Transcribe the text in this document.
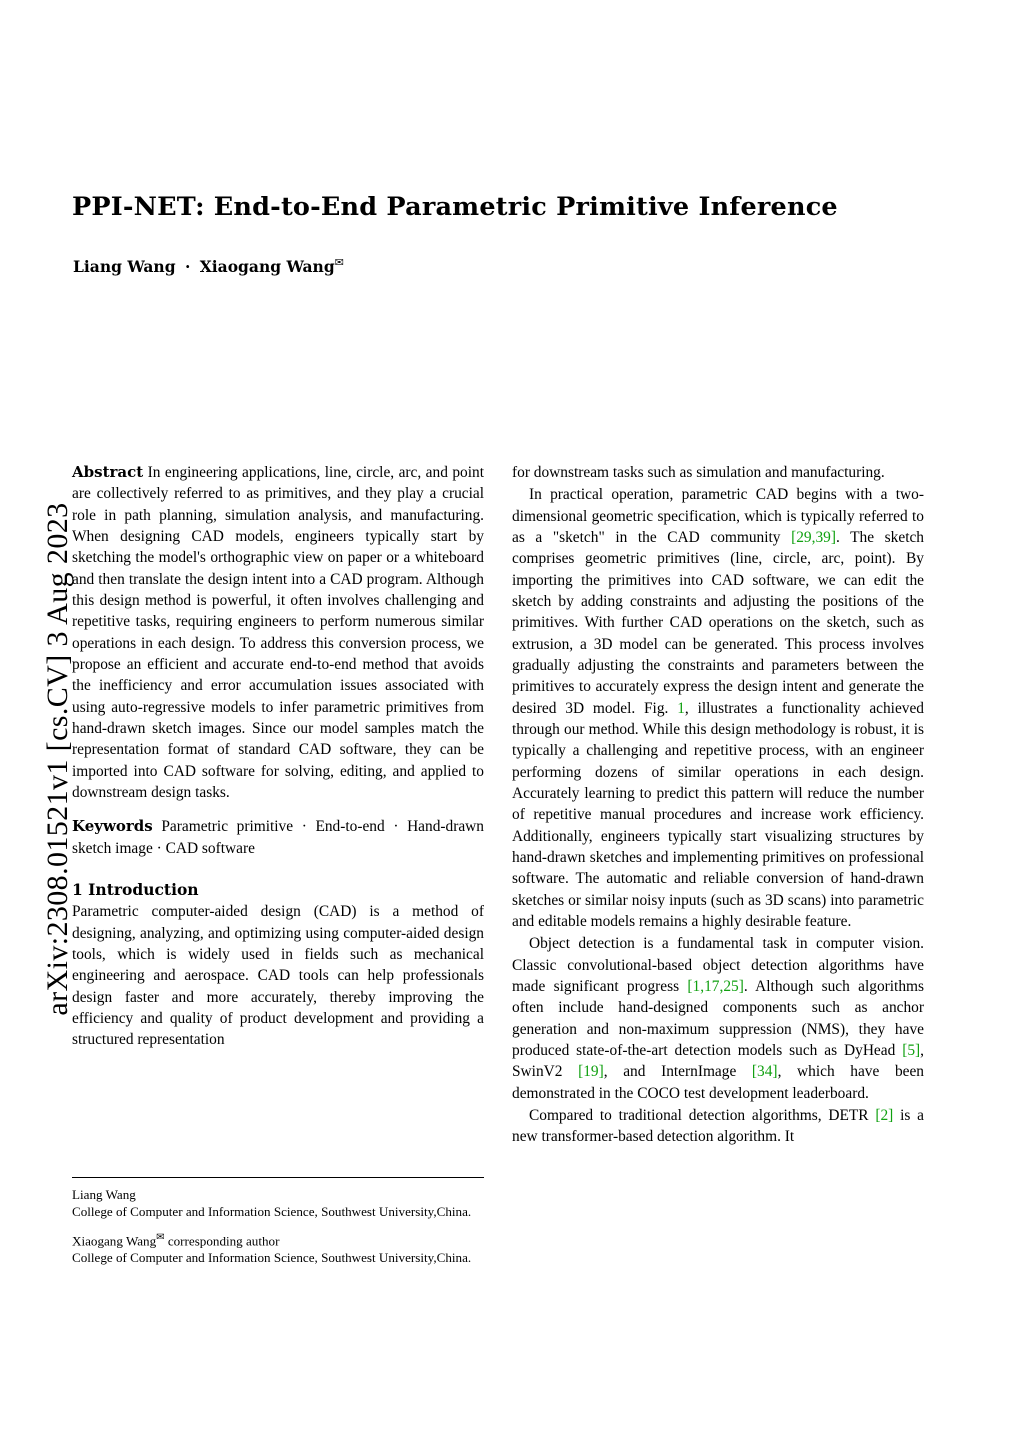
arXiv:2308.01521v1 [cs.CV] 3 Aug 2023
PPI-NET: End-to-End Parametric Primitive Inference
Liang Wang · Xiaogang Wang✉

Abstract In engineering applications, line, circle, arc, and point are collectively referred to as primitives, and they play a crucial role in path planning, simulation analysis, and manufacturing. When designing CAD models, engineers typically start by sketching the model's orthographic view on paper or a whiteboard and then translate the design intent into a CAD program. Although this design method is powerful, it often involves challenging and repetitive tasks, requiring engineers to perform numerous similar operations in each design. To address this conversion process, we propose an efficient and accurate end-to-end method that avoids the inefficiency and error accumulation issues associated with using auto-regressive models to infer parametric primitives from hand-drawn sketch images. Since our model samples match the representation format of standard CAD software, they can be imported into CAD software for solving, editing, and applied to downstream design tasks.

Keywords Parametric primitive · End-to-end · Hand-drawn sketch image · CAD software

1 Introduction

Parametric computer-aided design (CAD) is a method of designing, analyzing, and optimizing using computer-aided design tools, which is widely used in fields such as mechanical engineering and aerospace. CAD tools can help professionals design faster and more accurately, thereby improving the efficiency and quality of product development and providing a structured representation

for downstream tasks such as simulation and manufacturing.

In practical operation, parametric CAD begins with a two-dimensional geometric specification, which is typically referred to as a "sketch" in the CAD community [29,39]. The sketch comprises geometric primitives (line, circle, arc, point). By importing the primitives into CAD software, we can edit the sketch by adding constraints and adjusting the positions of the primitives. With further CAD operations on the sketch, such as extrusion, a 3D model can be generated. This process involves gradually adjusting the constraints and parameters between the primitives to accurately express the design intent and generate the desired 3D model. Fig. 1, illustrates a functionality achieved through our method. While this design methodology is robust, it is typically a challenging and repetitive process, with an engineer performing dozens of similar operations in each design. Accurately learning to predict this pattern will reduce the number of repetitive manual procedures and increase work efficiency. Additionally, engineers typically start visualizing structures by hand-drawn sketches and implementing primitives on professional software. The automatic and reliable conversion of hand-drawn sketches or similar noisy inputs (such as 3D scans) into parametric and editable models remains a highly desirable feature.

Object detection is a fundamental task in computer vision. Classic convolutional-based object detection algorithms have made significant progress [1,17,25]. Although such algorithms often include hand-designed components such as anchor generation and non-maximum suppression (NMS), they have produced state-of-the-art detection models such as DyHead [5], SwinV2 [19], and InternImage [34], which have been demonstrated in the COCO test development leaderboard.

Compared to traditional detection algorithms, DETR [2] is a new transformer-based detection algorithm. It

Liang Wang
College of Computer and Information Science, Southwest University,China.
Xiaogang Wang✉ corresponding author
College of Computer and Information Science, Southwest University,China.
